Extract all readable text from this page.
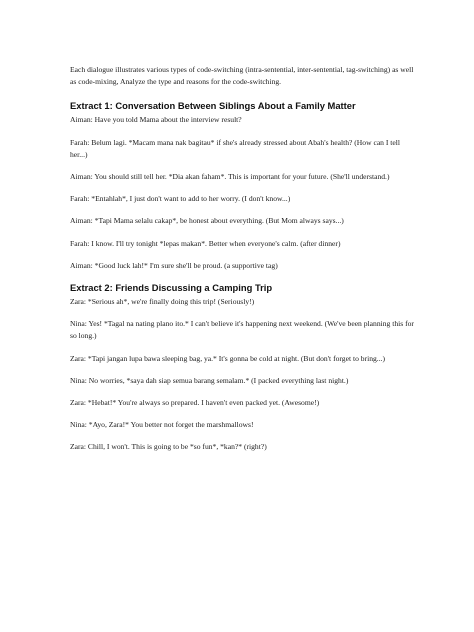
Each dialogue illustrates various types of code-switching (intra-sentential, inter-sentential, tag-switching) as well as code-mixing, Analyze the type and reasons for the code-switching.

Extract 1: Conversation Between Siblings About a Family Matter
Aiman: Have you told Mama about the interview result?
Farah: Belum lagi. *Macam mana nak bagitau* if she's already stressed about Abah's health? (How can I tell her...)
Aiman: You should still tell her. *Dia akan faham*. This is important for your future. (She'll understand.)
Farah: *Entahlah*, I just don't want to add to her worry. (I don't know...)
Aiman: *Tapi Mama selalu cakap*, be honest about everything. (But Mom always says...)
Farah: I know. I'll try tonight *lepas makan*. Better when everyone's calm. (after dinner)
Aiman: *Good luck lah!* I'm sure she'll be proud. (a supportive tag)
Extract 2: Friends Discussing a Camping Trip
Zara: *Serious ah*, we're finally doing this trip! (Seriously!)
Nina: Yes! *Tagal na nating plano ito.* I can't believe it's happening next weekend. (We've been planning this for so long.)
Zara: *Tapi jangan lupa bawa sleeping bag, ya.* It's gonna be cold at night. (But don't forget to bring...)
Nina: No worries, *saya dah siap semua barang semalam.* (I packed everything last night.)
Zara: *Hebat!* You're always so prepared. I haven't even packed yet. (Awesome!)
Nina: *Ayo, Zara!* You better not forget the marshmallows!
Zara: Chill, I won't. This is going to be *so fun*, *kan?* (right?)
